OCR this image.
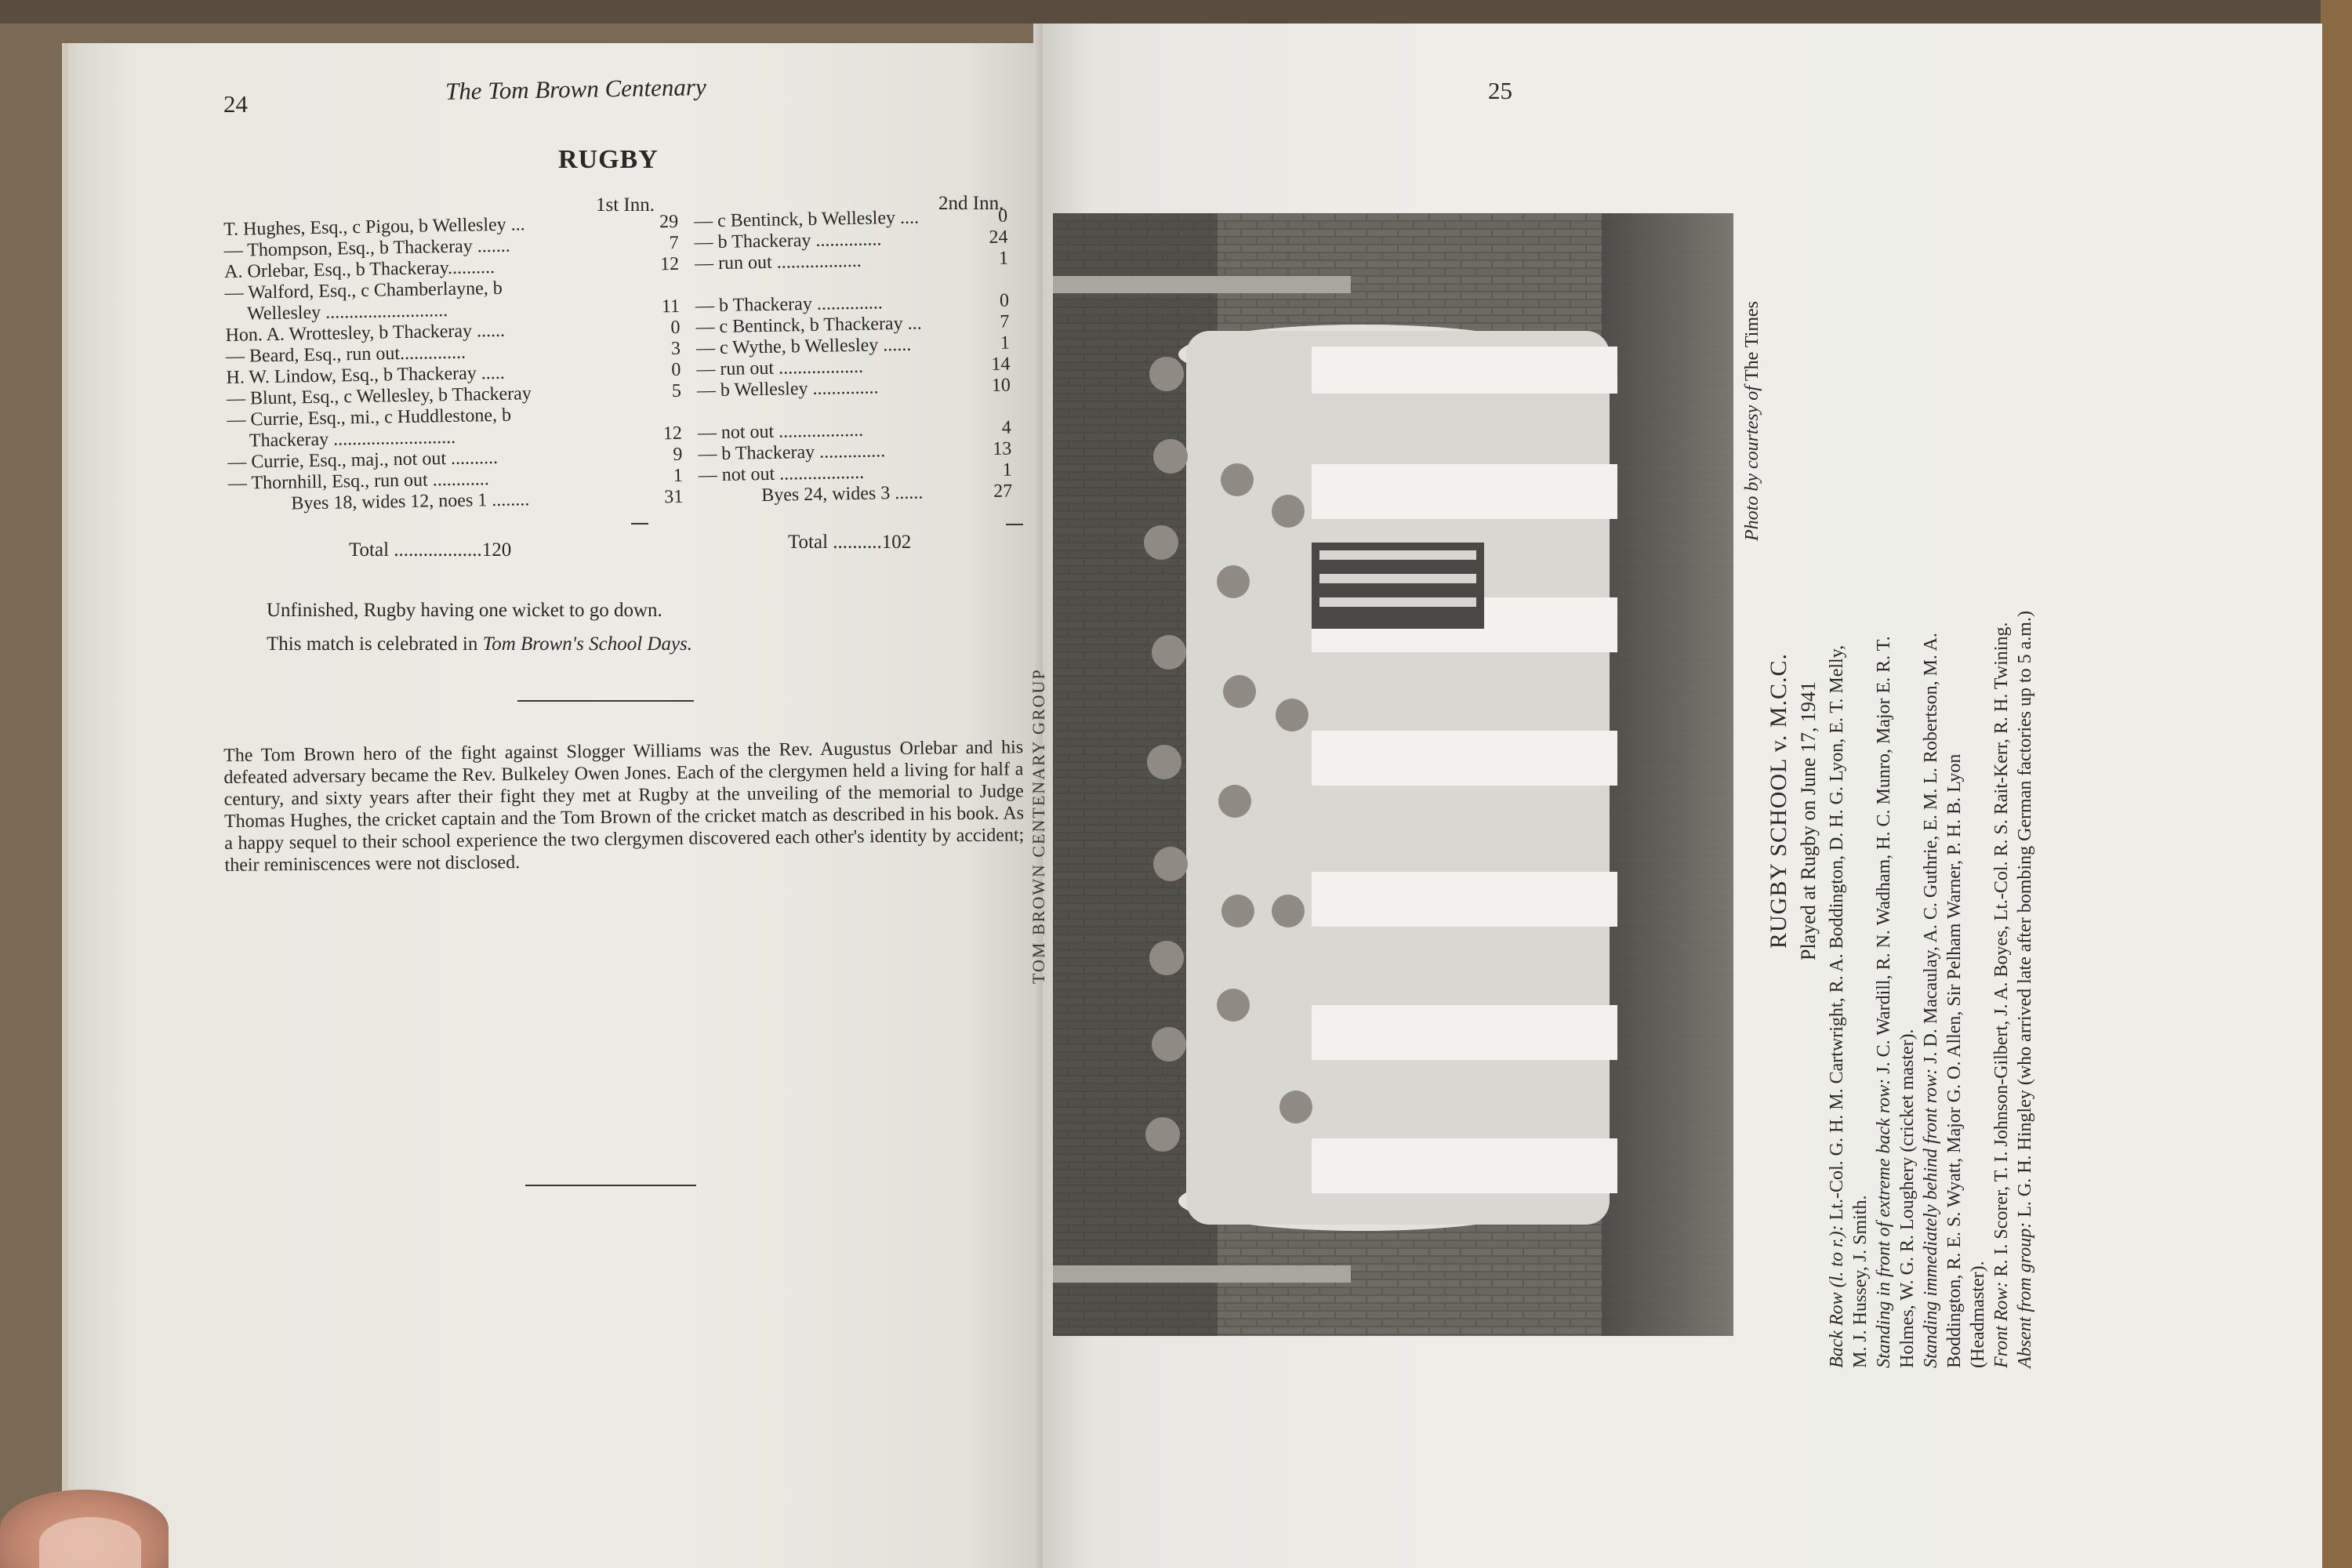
24	The Tom Brown Centenary
RUGBY
1st Inn.	2nd Inn.
T. Hughes, Esq., c Pigou, b Wellesley ...	29 — c Bentinck, b Wellesley ....	0
— Thompson, Esq., b Thackeray .......	7 — b Thackeray ..............	24
A. Orlebar, Esq., b Thackeray..........	12 — run out ..................	1
— Walford, Esq., c Chamberlayne, b
Wellesley ..........................	11 — b Thackeray ..............	0
Hon. A. Wrottesley, b Thackeray ......	0 — c Bentinck, b Thackeray ...	7
— Beard, Esq., run out..............	3 — c Wythe, b Wellesley ......	1
H. W. Lindow, Esq., b Thackeray .....	0 — run out ..................	14
— Blunt, Esq., c Wellesley, b Thackeray	5 — b Wellesley ..............	10
— Currie, Esq., mi., c Huddlestone, b
Thackeray ..........................	12 — not out ..................	4
— Currie, Esq., maj., not out ..........	9 — b Thackeray ..............	13
— Thornhill, Esq., run out ............	1 — not out ..................	1
Byes 18, wides 12, noes 1 ........	31	Byes 24, wides 3 ......	27
Total ..................120	Total ..........102
Unfinished, Rugby having one wicket to go down.
This match is celebrated in Tom Brown's School Days.
The Tom Brown hero of the fight against Slogger Williams was the Rev. Augustus Orlebar and his defeated adversary became the Rev. Bulkeley Owen Jones. Each of the clergymen held a living for half a century, and sixty years after their fight they met at Rugby at the unveiling of the memorial to Judge Thomas Hughes, the cricket captain and the Tom Brown of the cricket match as described in his book. As a happy sequel to their school experience the two clergymen discovered each other's identity by accident; their reminiscences were not disclosed.
25
Photo by courtesy of The Times
TOM BROWN CENTENARY GROUP	RUGBY SCHOOL v. M.C.C. Played at Rugby on June 17, 1941
Back Row (l. to r.): Lt.-Col. G. H. M. Cartwright, R. A. Boddington, D. H. G. Lyon, E. T. Melly,
M. J. Hussey, J. Smith. Standing in front of extreme back row: J. C. Wardill, R. N. Wadham, H. C. Munro, Major E. R. T.
Holmes, W. G. R. Loughery (cricket master). Standing immediately behind front row: J. D. Macaulay, A. C. Guthrie, E. M. L. Robertson, M. A. Boddington, R. E. S. Wyatt, Major G. O. Allen, Sir Pelham Warner, P. H. B. Lyon (Headmaster). Front Row: R. I. Scorer, T. I. Johnson-Gilbert, J. A. Boyes, Lt.-Col. R. S. Rait-Kerr, R. H. Twining.
Absent from group: L. G. H. Hingley (who arrived late after bombing German factories up to 5 a.m.)
